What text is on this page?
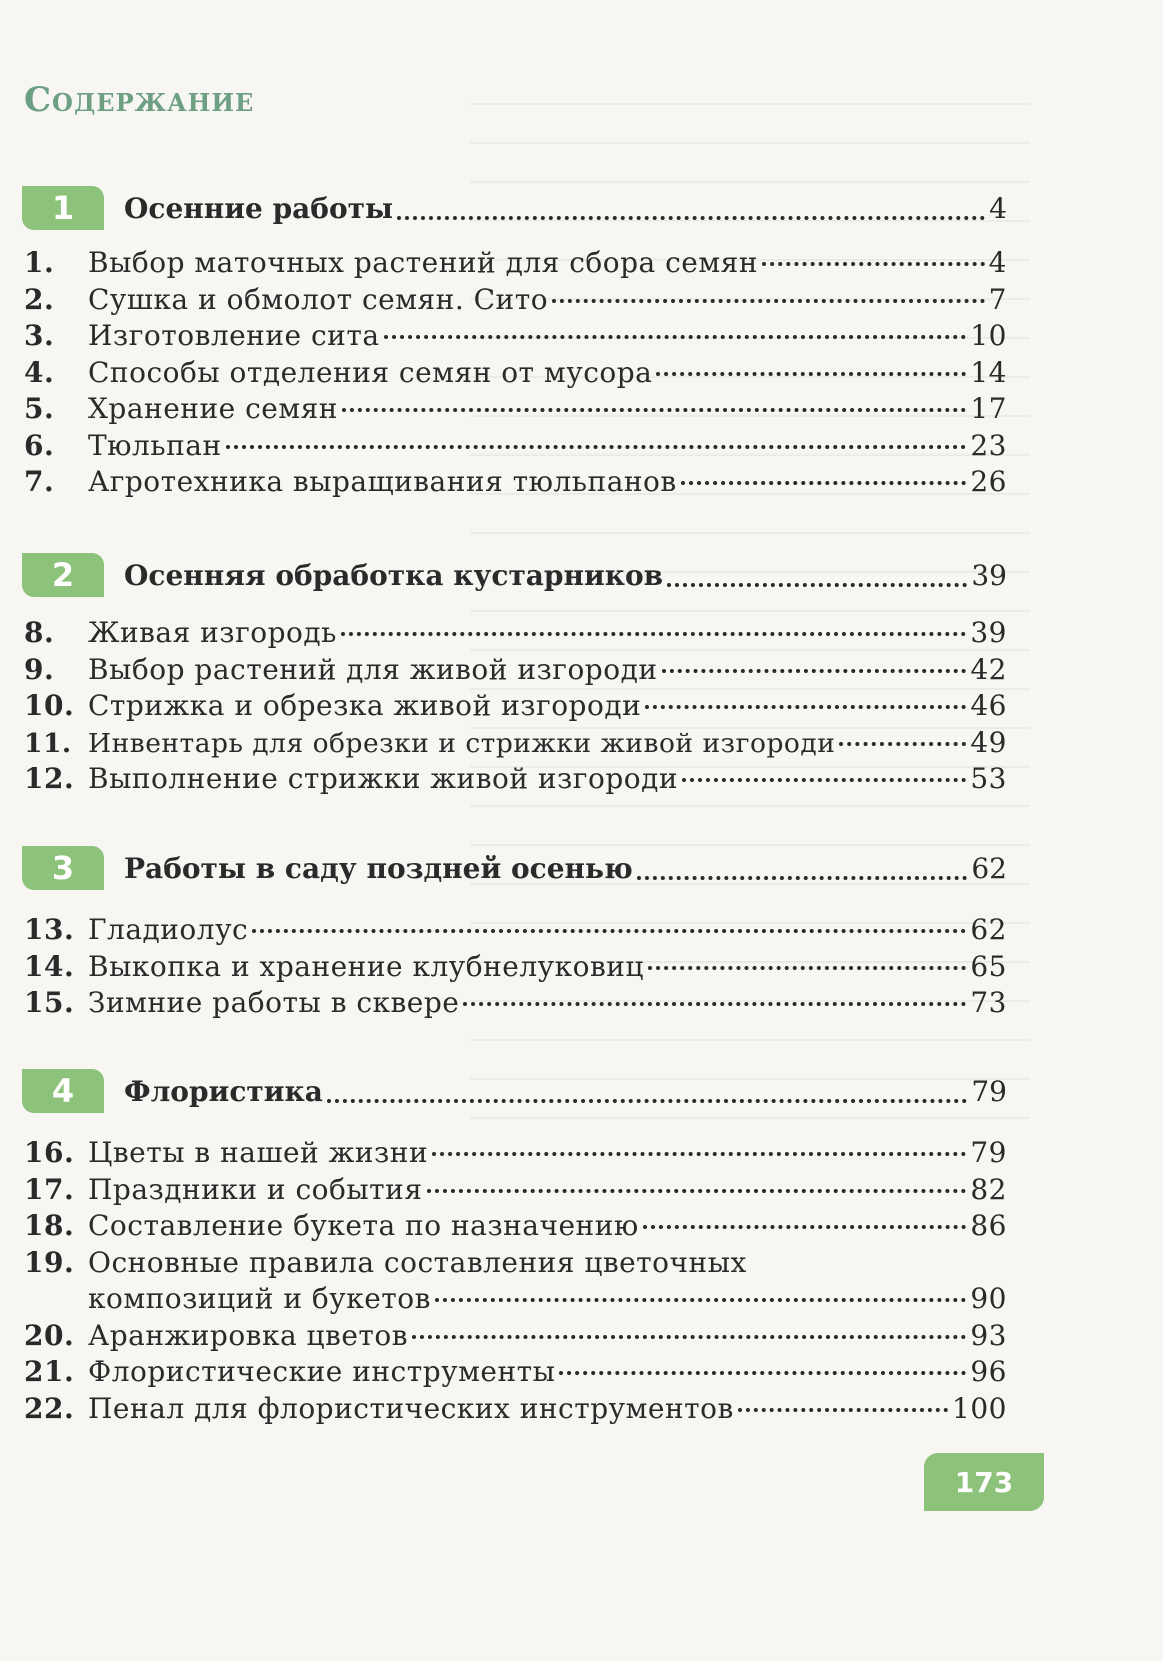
Содержание
1	Осенние работы	4
1.	Выбор маточных растений для сбора семян	4
2.	Сушка и обмолот семян. Сито	7
3.	Изготовление сита	10
4.	Способы отделения семян от мусора	14
5.	Хранение семян	17
6.	Тюльпан	23
7.	Агротехника выращивания тюльпанов	26
2	Осенняя обработка кустарников	39
8.	Живая изгородь	39
9.	Выбор растений для живой изгороди	42
10. Стрижка и обрезка живой изгороди	46
11. Инвентарь для обрезки и стрижки живой изгороди	49
12. Выполнение стрижки живой изгороди	53
3	Работы в саду поздней осенью	62
13. Гладиолус	62
14. Выкопка и хранение клубнелуковиц	65
15. Зимние работы в сквере	73
4	Флористика	79
16. Цветы в нашей жизни	79
17. Праздники и события	82
18. Составление букета по назначению	86
19. Основные правила составления цветочных
композиций и букетов	90
20. Аранжировка цветов	93
21. Флористические инструменты	96
22. Пенал для флористических инструментов	100
173
